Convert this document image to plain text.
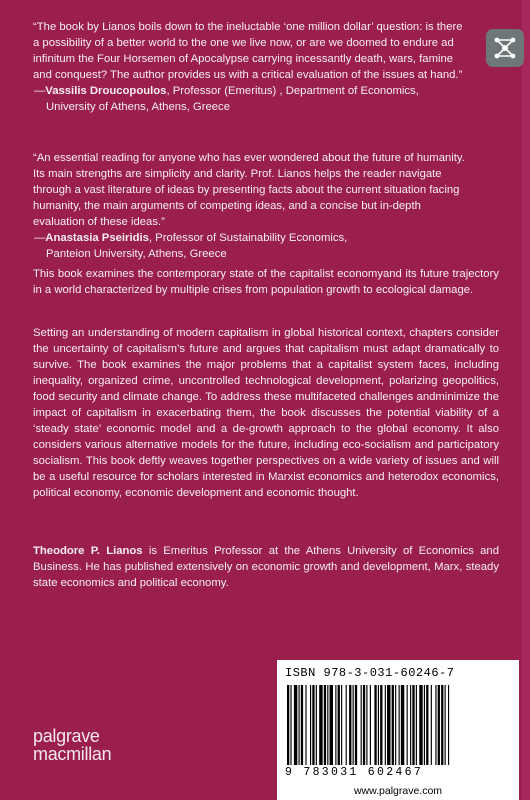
“The book by Lianos boils down to the ineluctable ‘one million dollar’ question: is there a possibility of a better world to the one we live now, or are we doomed to endure ad infinitum the Four Horsemen of Apocalypse carrying incessantly death, wars, famine and conquest? The author provides us with a critical evaluation of the issues at hand.”

—Vassilis Droucopoulos, Professor (Emeritus) , Department of Economics,
University of Athens, Athens, Greece

“An essential reading for anyone who has ever wondered about the future of humanity. Its main strengths are simplicity and clarity. Prof. Lianos helps the reader navigate through a vast literature of ideas by presenting facts about the current situation facing humanity, the main arguments of competing ideas, and a concise but in-depth evaluation of these ideas.”

—Anastasia Pseiridis, Professor of Sustainability Economics,
Panteion University, Athens, Greece

This book examines the contemporary state of the capitalist economyand its future trajectory in a world characterized by multiple crises from population growth to ecological damage.

Setting an understanding of modern capitalism in global historical context, chapters consider the uncertainty of capitalism’s future and argues that capitalism must adapt dramatically to survive. The book examines the major problems that a capitalist system faces, including inequality, organized crime, uncontrolled technological development, polarizing geopolitics, food security and climate change. To address these multifaceted challenges andminimize the impact of capitalism in exacerbating them, the book discusses the potential viability of a ‘steady state’ economic model and a de-growth approach to the global economy. It also considers various alternative models for the future, including eco-socialism and participatory socialism. This book deftly weaves together perspectives on a wide variety of issues and will be a useful resource for scholars interested in Marxist economics and heterodox economics, political economy, economic development and economic thought.

Theodore P. Lianos is Emeritus Professor at the Athens University of Economics and Business. He has published extensively on economic growth and development, Marx, steady state economics and political economy.

palgrave
macmillan
ISBN 978-3-031-60246-7
9 783031 602467
www.palgrave.com
